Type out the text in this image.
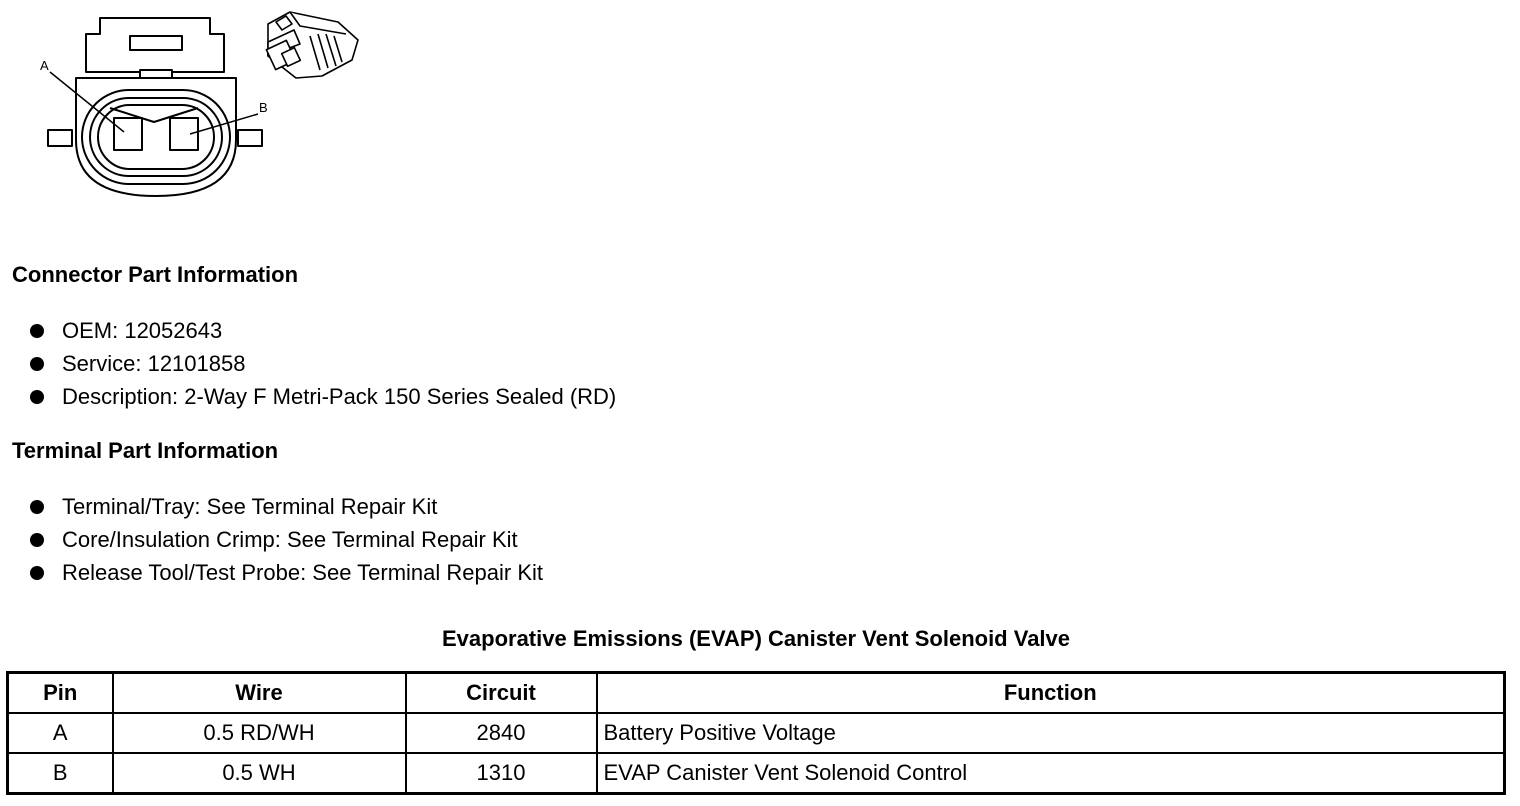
A
B
Connector Part Information
OEM: 12052643
Service: 12101858
Description: 2-Way F Metri-Pack 150 Series Sealed (RD)
Terminal Part Information
Terminal/Tray: See Terminal Repair Kit
Core/Insulation Crimp: See Terminal Repair Kit
Release Tool/Test Probe: See Terminal Repair Kit
Evaporative Emissions (EVAP) Canister Vent Solenoid Valve
Pin	Wire	Circuit	Function
A	0.5 RD/WH	2840	Battery Positive Voltage
B	0.5 WH	1310	EVAP Canister Vent Solenoid Control
